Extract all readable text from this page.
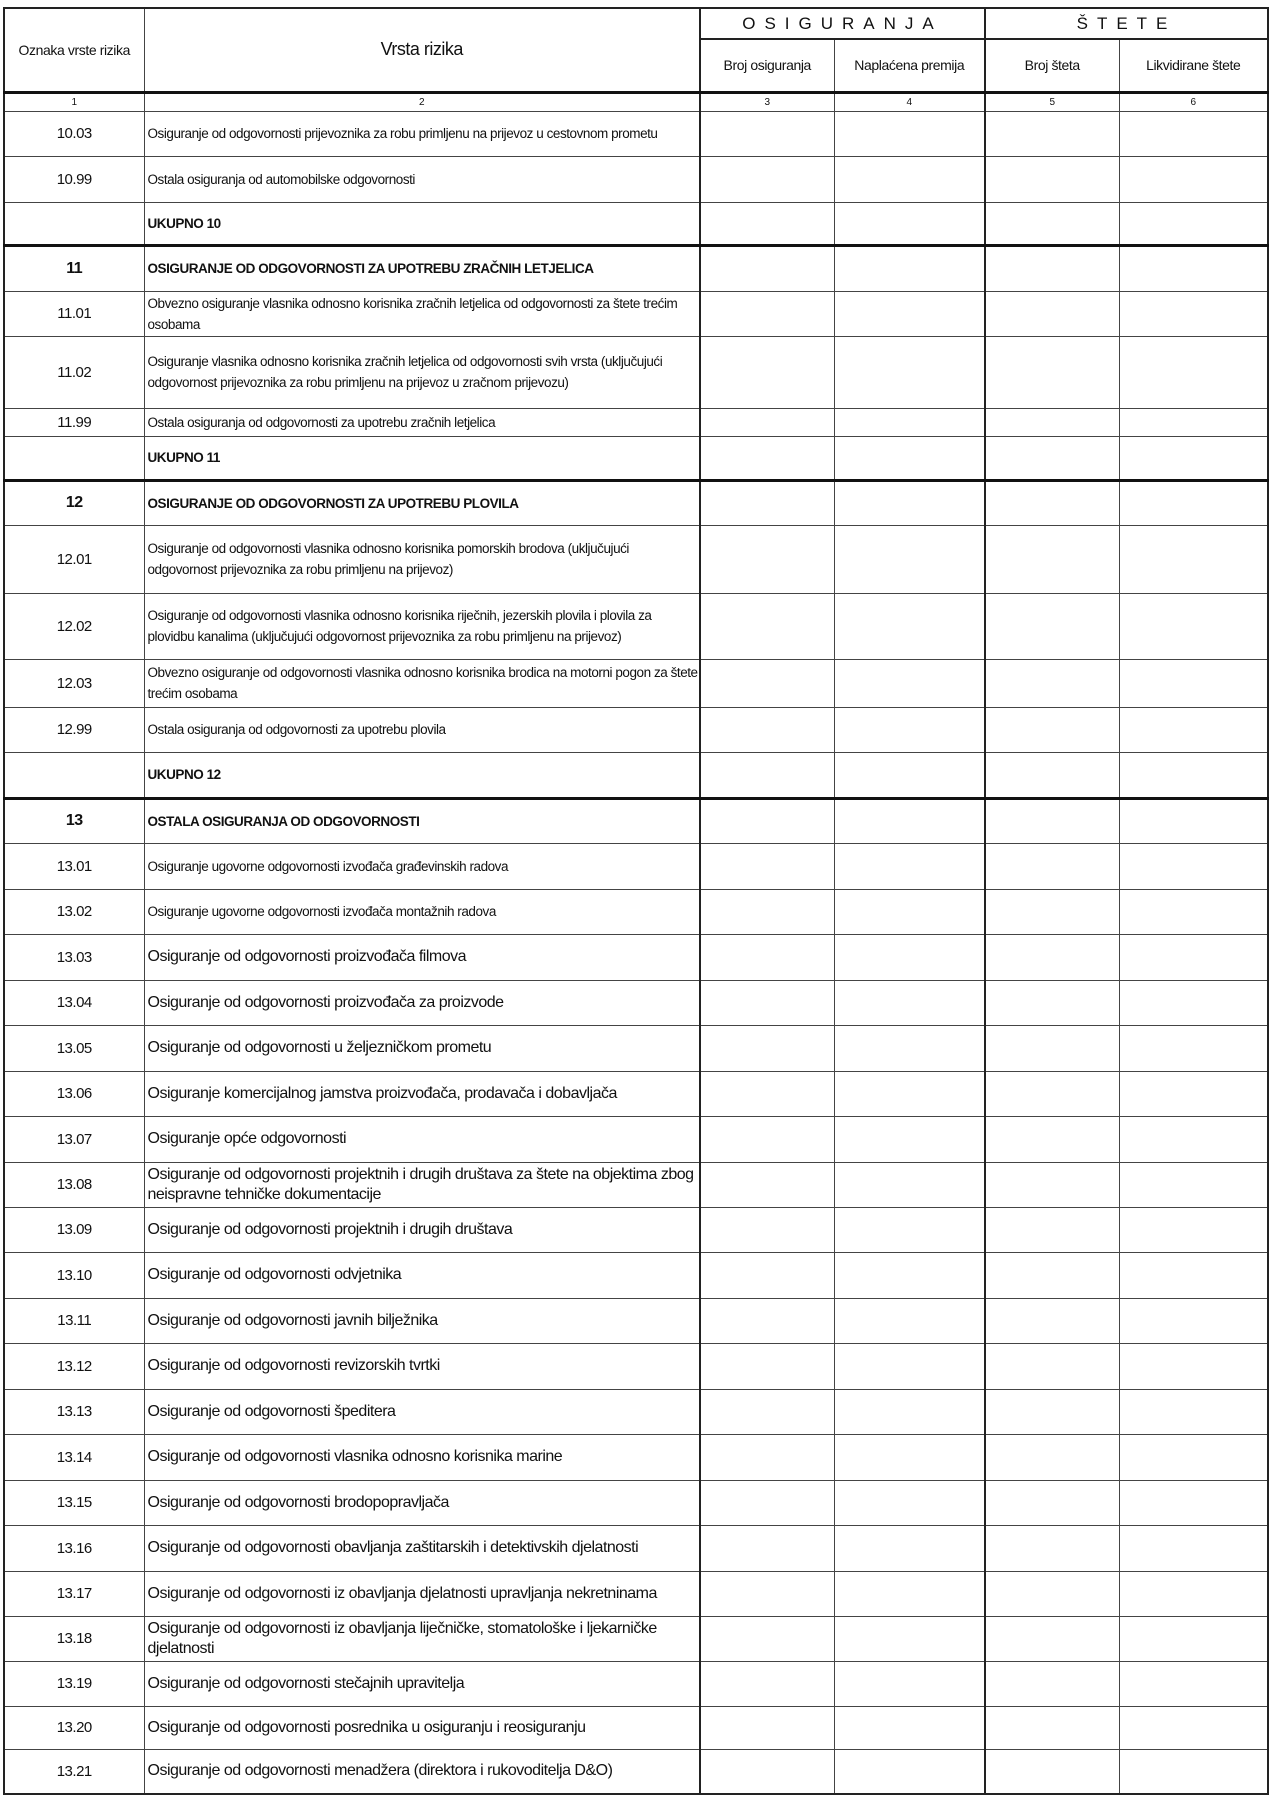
Oznaka vrste rizika	Vrsta rizika	OSIGURANJA		ŠTETE	
		Broj osiguranja	Naplaćena premija	Broj šteta	Likvidirane štete
1	2	3	4	5	6
10.03	Osiguranje od odgovornosti prijevoznika za robu primljenu na prijevoz u cestovnom prometu				
10.99	Ostala osiguranja od automobilske odgovornosti				
	UKUPNO 10				
11	OSIGURANJE OD ODGOVORNOSTI ZA UPOTREBU ZRAČNIH LETJELICA				
11.01	Obvezno osiguranje vlasnika odnosno korisnika zračnih letjelica od odgovornosti za štete trećim osobama				
11.02	Osiguranje vlasnika odnosno korisnika zračnih letjelica od odgovornosti svih vrsta (uključujući odgovornost prijevoznika za robu primljenu na prijevoz u zračnom prijevozu)				
11.99	Ostala osiguranja od odgovornosti za upotrebu zračnih letjelica				
	UKUPNO 11				
12	OSIGURANJE OD ODGOVORNOSTI ZA UPOTREBU PLOVILA				
12.01	Osiguranje od odgovornosti vlasnika odnosno korisnika pomorskih brodova (uključujući odgovornost prijevoznika za robu primljenu na prijevoz)				
12.02	Osiguranje od odgovornosti vlasnika odnosno korisnika riječnih, jezerskih plovila i plovila za plovidbu kanalima (uključujući odgovornost prijevoznika za robu primljenu na prijevoz)				
12.03	Obvezno osiguranje od odgovornosti vlasnika odnosno korisnika brodica na motorni pogon za štete trećim osobama				
12.99	Ostala osiguranja od odgovornosti za upotrebu plovila				
	UKUPNO 12				
13	OSTALA OSIGURANJA OD ODGOVORNOSTI				
13.01	Osiguranje ugovorne odgovornosti izvođača građevinskih radova				
13.02	Osiguranje ugovorne odgovornosti izvođača montažnih radova				
13.03	Osiguranje od odgovornosti proizvođača filmova				
13.04	Osiguranje od odgovornosti proizvođača za proizvode				
13.05	Osiguranje od odgovornosti u željezničkom prometu				
13.06	Osiguranje komercijalnog jamstva proizvođača, prodavača i dobavljača				
13.07	Osiguranje opće odgovornosti				
13.08	Osiguranje od odgovornosti projektnih i drugih društava za štete na objektima zbog neispravne tehničke dokumentacije				
13.09	Osiguranje od odgovornosti projektnih i drugih društava				
13.10	Osiguranje od odgovornosti odvjetnika				
13.11	Osiguranje od odgovornosti javnih bilježnika				
13.12	Osiguranje od odgovornosti revizorskih tvrtki				
13.13	Osiguranje od odgovornosti špeditera				
13.14	Osiguranje od odgovornosti vlasnika odnosno korisnika marine				
13.15	Osiguranje od odgovornosti brodopopravljača				
13.16	Osiguranje od odgovornosti obavljanja zaštitarskih i detektivskih djelatnosti				
13.17	Osiguranje od odgovornosti iz obavljanja djelatnosti upravljanja nekretninama				
13.18	Osiguranje od odgovornosti iz obavljanja liječničke, stomatološke i ljekarničke djelatnosti				
13.19	Osiguranje od odgovornosti stečajnih upravitelja				
13.20	Osiguranje od odgovornosti posrednika u osiguranju i reosiguranju				
13.21	Osiguranje od odgovornosti menadžera (direktora i rukovoditelja D&O)				
